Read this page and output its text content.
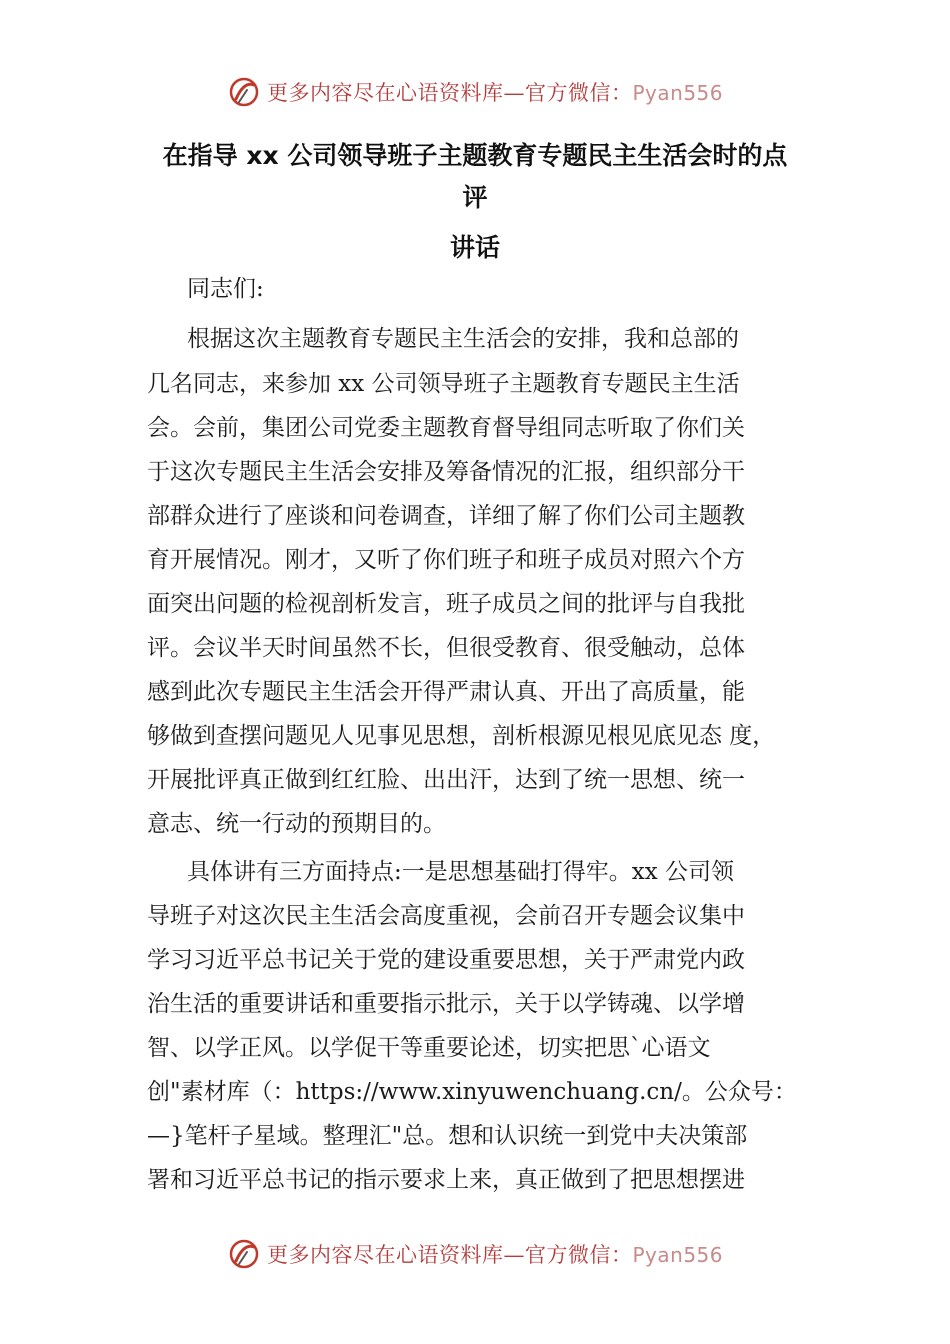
更多内容尽在心语资料库—官方微信：Pyan556
在指导 xx 公司领导班子主题教育专题民主生活会时的点
评
讲话
同志们:
根据这次主题教育专题民主生活会的安排，我和总部的
几名同志，来参加 xx 公司领导班子主题教育专题民主生活
会。会前，集团公司党委主题教育督导组同志听取了你们关
于这次专题民主生活会安排及筹备情况的汇报，组织部分干
部群众进行了座谈和问卷调查，详细了解了你们公司主题教
育开展情况。刚才，又听了你们班子和班子成员对照六个方
面突出问题的检视剖析发言，班子成员之间的批评与自我批
评。会议半天时间虽然不长，但很受教育、很受触动，总体
感到此次专题民主生活会开得严肃认真、开出了高质量，能
够做到查摆问题见人见事见思想，剖析根源见根见底见态 度，
开展批评真正做到红红脸、出出汗，达到了统一思想、统一
意志、统一行动的预期目的。
具体讲有三方面持点:一是思想基础打得牢。xx 公司领
导班子对这次民主生活会高度重视，会前召开专题会议集中
学习习近平总书记关于党的建设重要思想，关于严肃党内政
治生活的重要讲话和重要指示批示，关于以学铸魂、以学增
智、以学正风。以学促干等重要论述，切实把思`心语文
创"素材库（：https://www.xinyuwenchuang.cn/。公众号：
—}笔杆子星域。整理汇"总。想和认识统一到党中夫决策部
署和习近平总书记的指示要求上来，真正做到了把思想摆进
更多内容尽在心语资料库—官方微信：Pyan556
